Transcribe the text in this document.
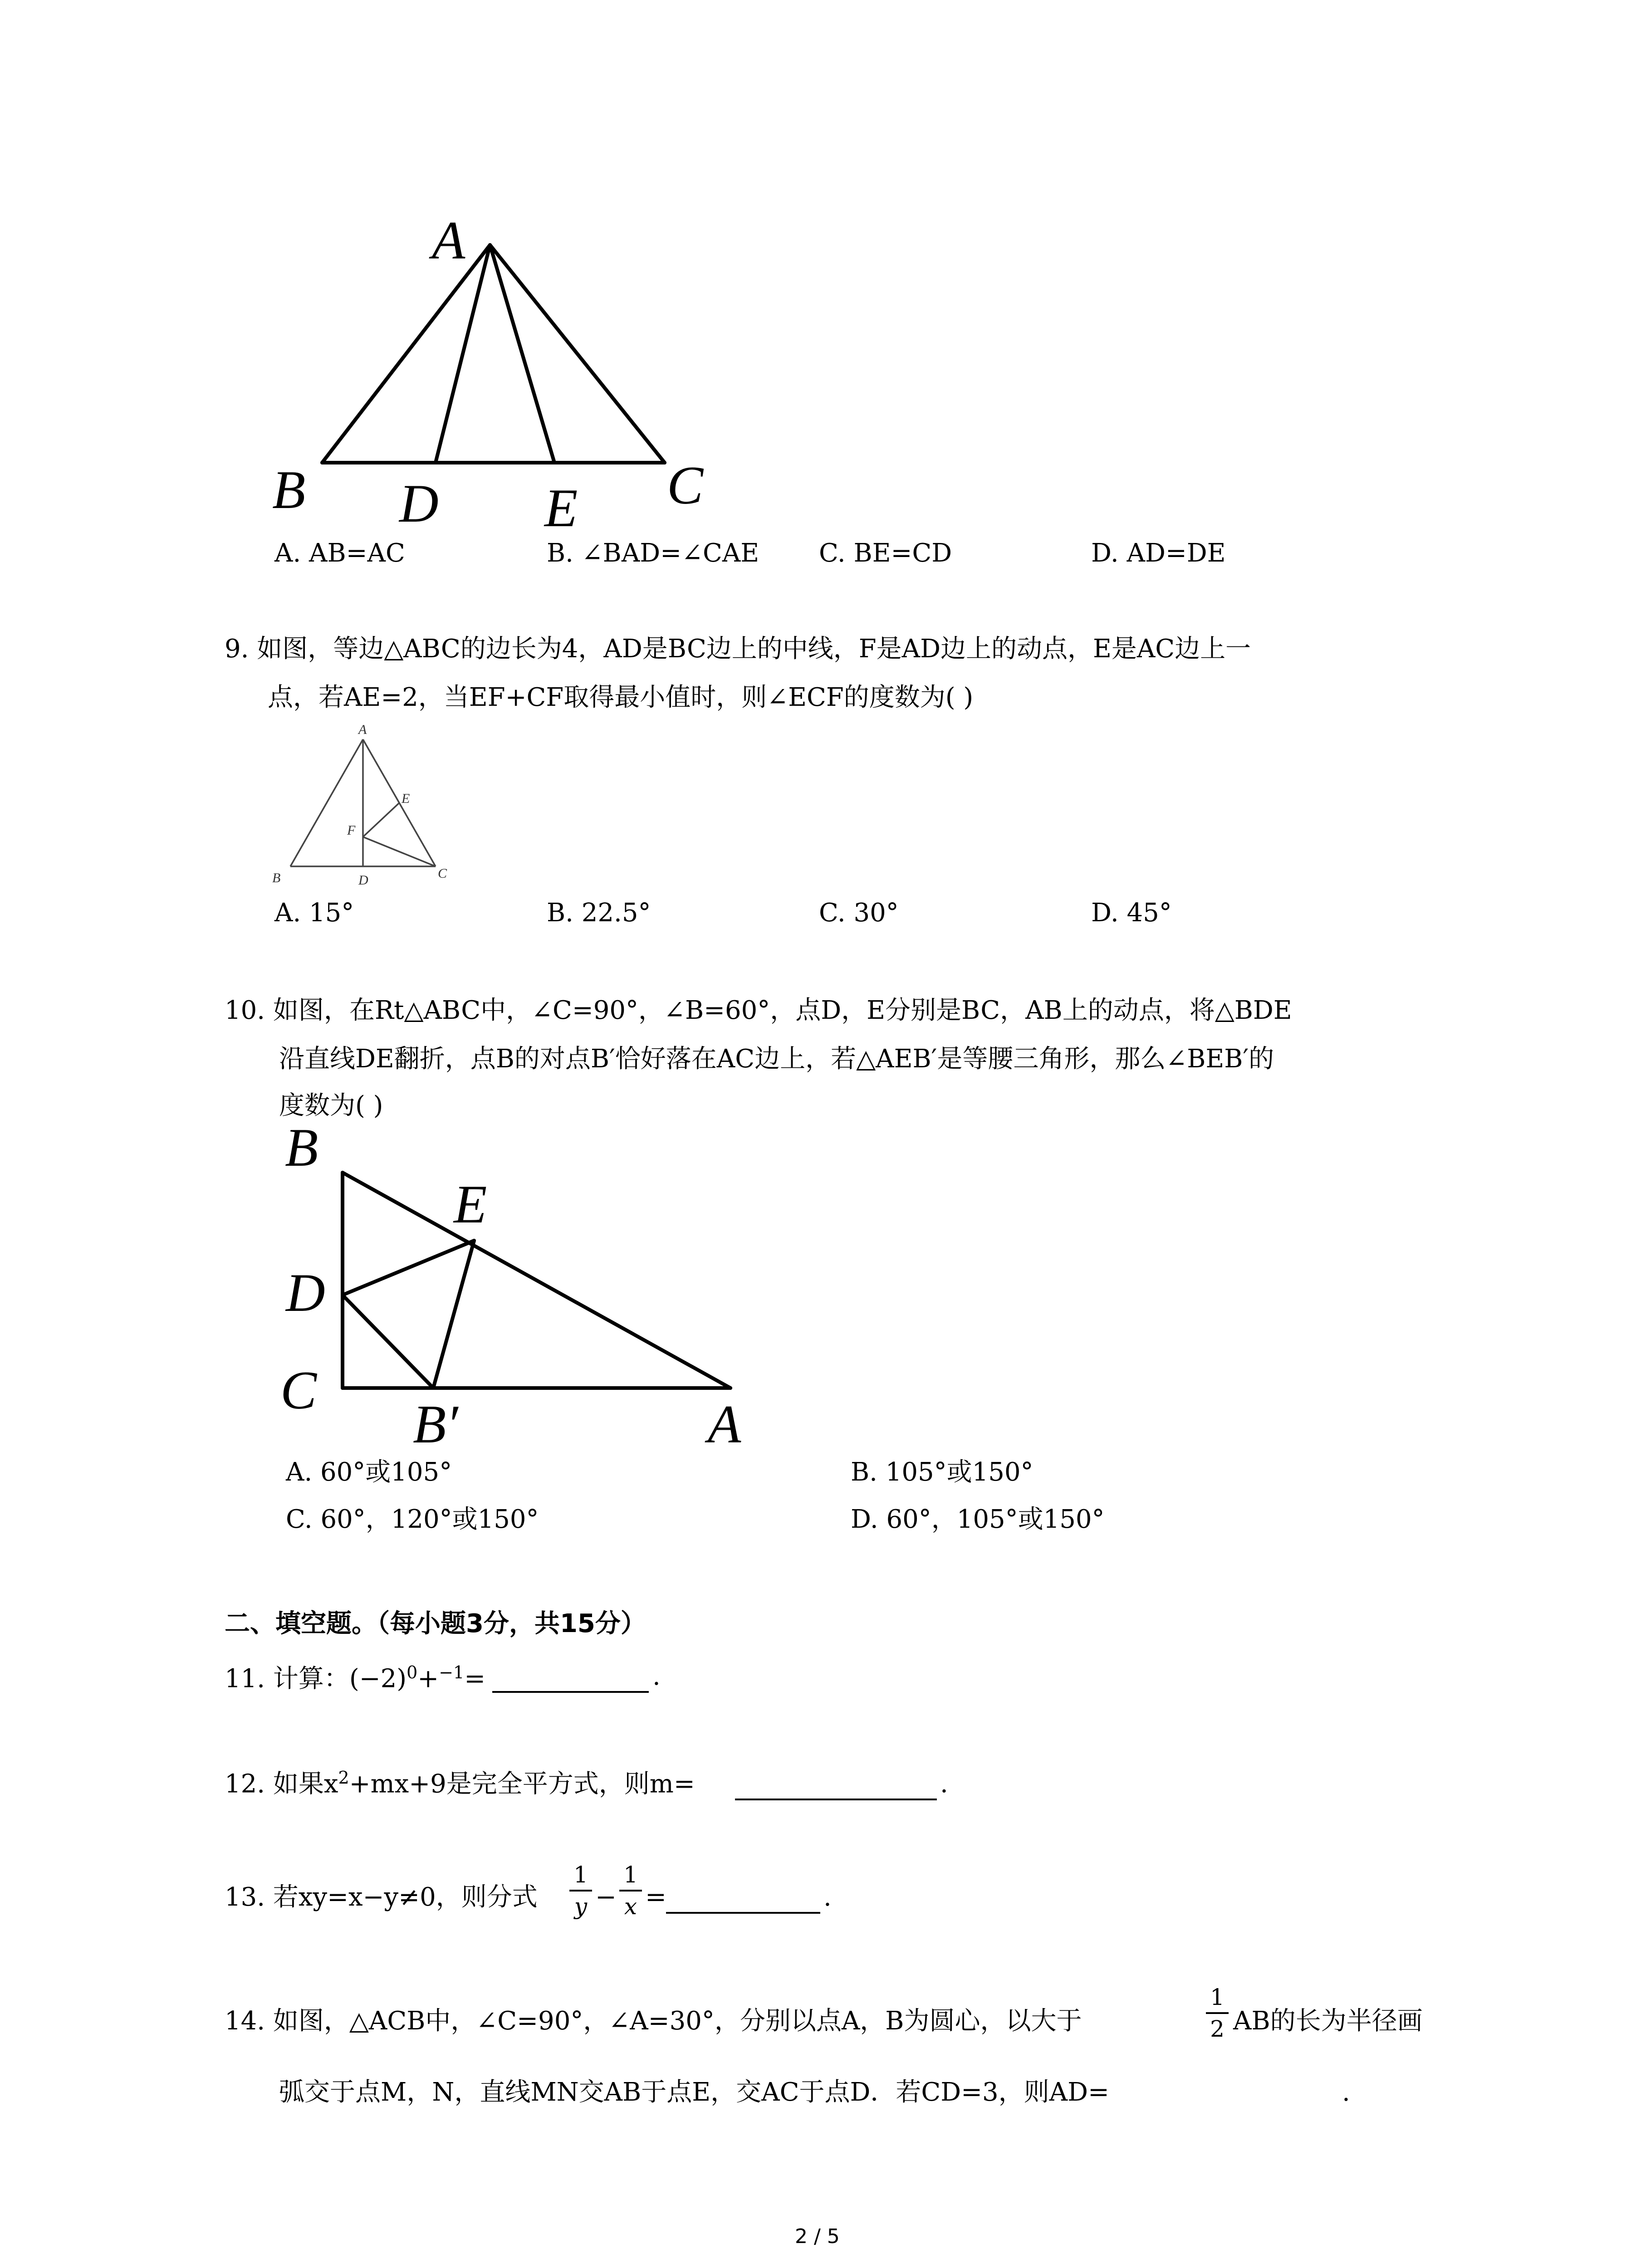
A
B D E C
A. AB=AC	B. ∠BAD=∠CAE C. BE=CD	D. AD=DE
9. 如图，等边△ABC的边长为4，AD是BC边上的中线，F是AD边上的动点，E是AC边上一
点，若AE=2，当EF+CF取得最小值时，则∠ECF的度数为( )
A
B	C
D
E
F
A. 15°	B. 22.5°	C. 30°	D. 45°
10. 如图，在Rt△ABC中，∠C=90°，∠B=60°，点D，E分别是BC，AB上的动点，将△BDE
沿直线DE翻折，点B的对点B′恰好落在AC边上，若△AEB′是等腰三角形，那么∠BEB′的
度数为( )
B
E
D
C
B′	A
A. 60°或105°	B. 105°或150°
C. 60°，120°或150°	D. 60°，105°或150°
二、填空题。（每小题3分，共15分）
11. 计算：$(-2)^0+^{-1}=$	.
12. 如果$x^2+mx+9$是完全平方式，则m=	.
13. 若xy=x−y≠0，则分式
1
y −
1
x =	.
14. 如图，△ACB中，∠C=90°，∠A=30°，分别以点A，B为圆心，以大于
1
2 AB的长为半径画
弧交于点M，N，直线MN交AB于点E，交AC于点D．若CD=3，则AD=	.
2 / 5
